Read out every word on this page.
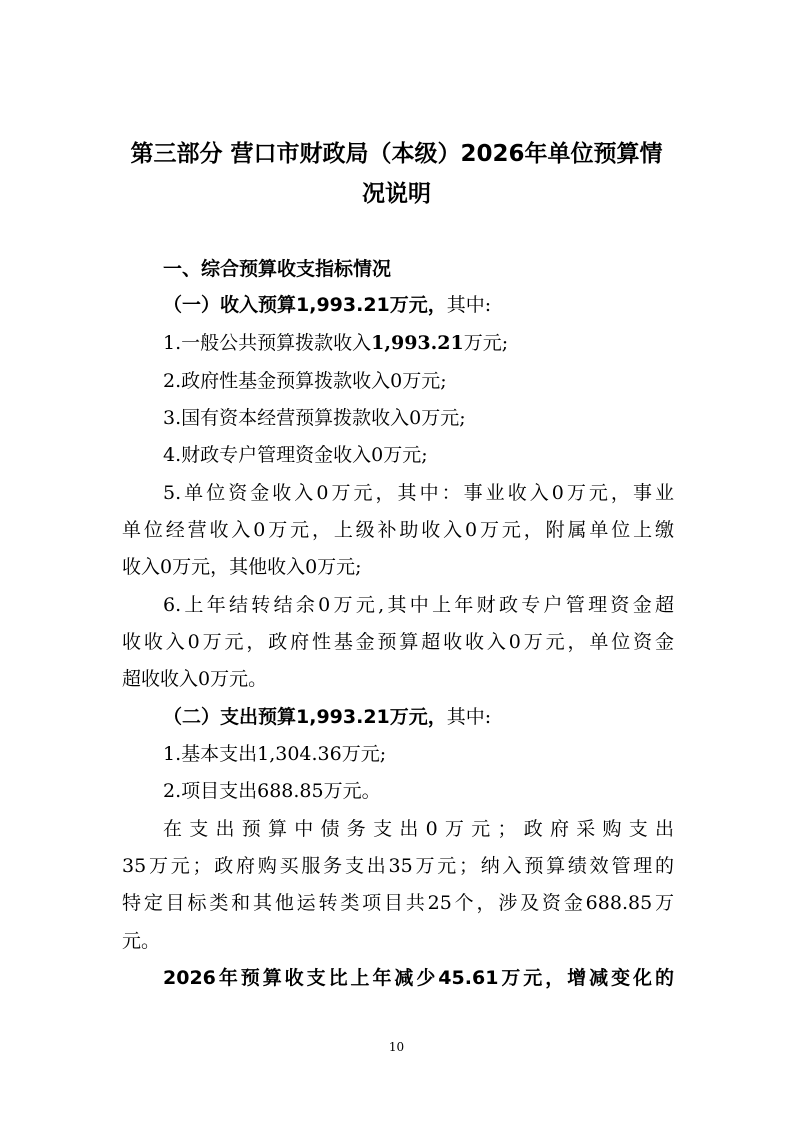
第三部分 营口市财政局（本级）2026年单位预算情
况说明

一、综合预算收支指标情况

（一）收入预算1,993.21万元，其中:

1.一般公共预算拨款收入1,993.21万元;

2.政府性基金预算拨款收入0万元;

3.国有资本经营预算拨款收入0万元;

4.财政专户管理资金收入0万元;

5.单位资金收入0万元，其中：事业收入0万元，事业

单位经营收入0万元，上级补助收入0万元，附属单位上缴

收入0万元，其他收入0万元;

6.上年结转结余0万元,其中上年财政专户管理资金超

收收入0万元，政府性基金预算超收收入0万元，单位资金

超收收入0万元。

（二）支出预算1,993.21万元，其中:

1.基本支出1,304.36万元;

2.项目支出688.85万元。

在支出预算中债务支出0万元；政府采购支出

35万元；政府购买服务支出35万元；纳入预算绩效管理的

特定目标类和其他运转类项目共25个，涉及资金688.85万

元。

2026年预算收支比上年减少45.61万元，增减变化的

10
